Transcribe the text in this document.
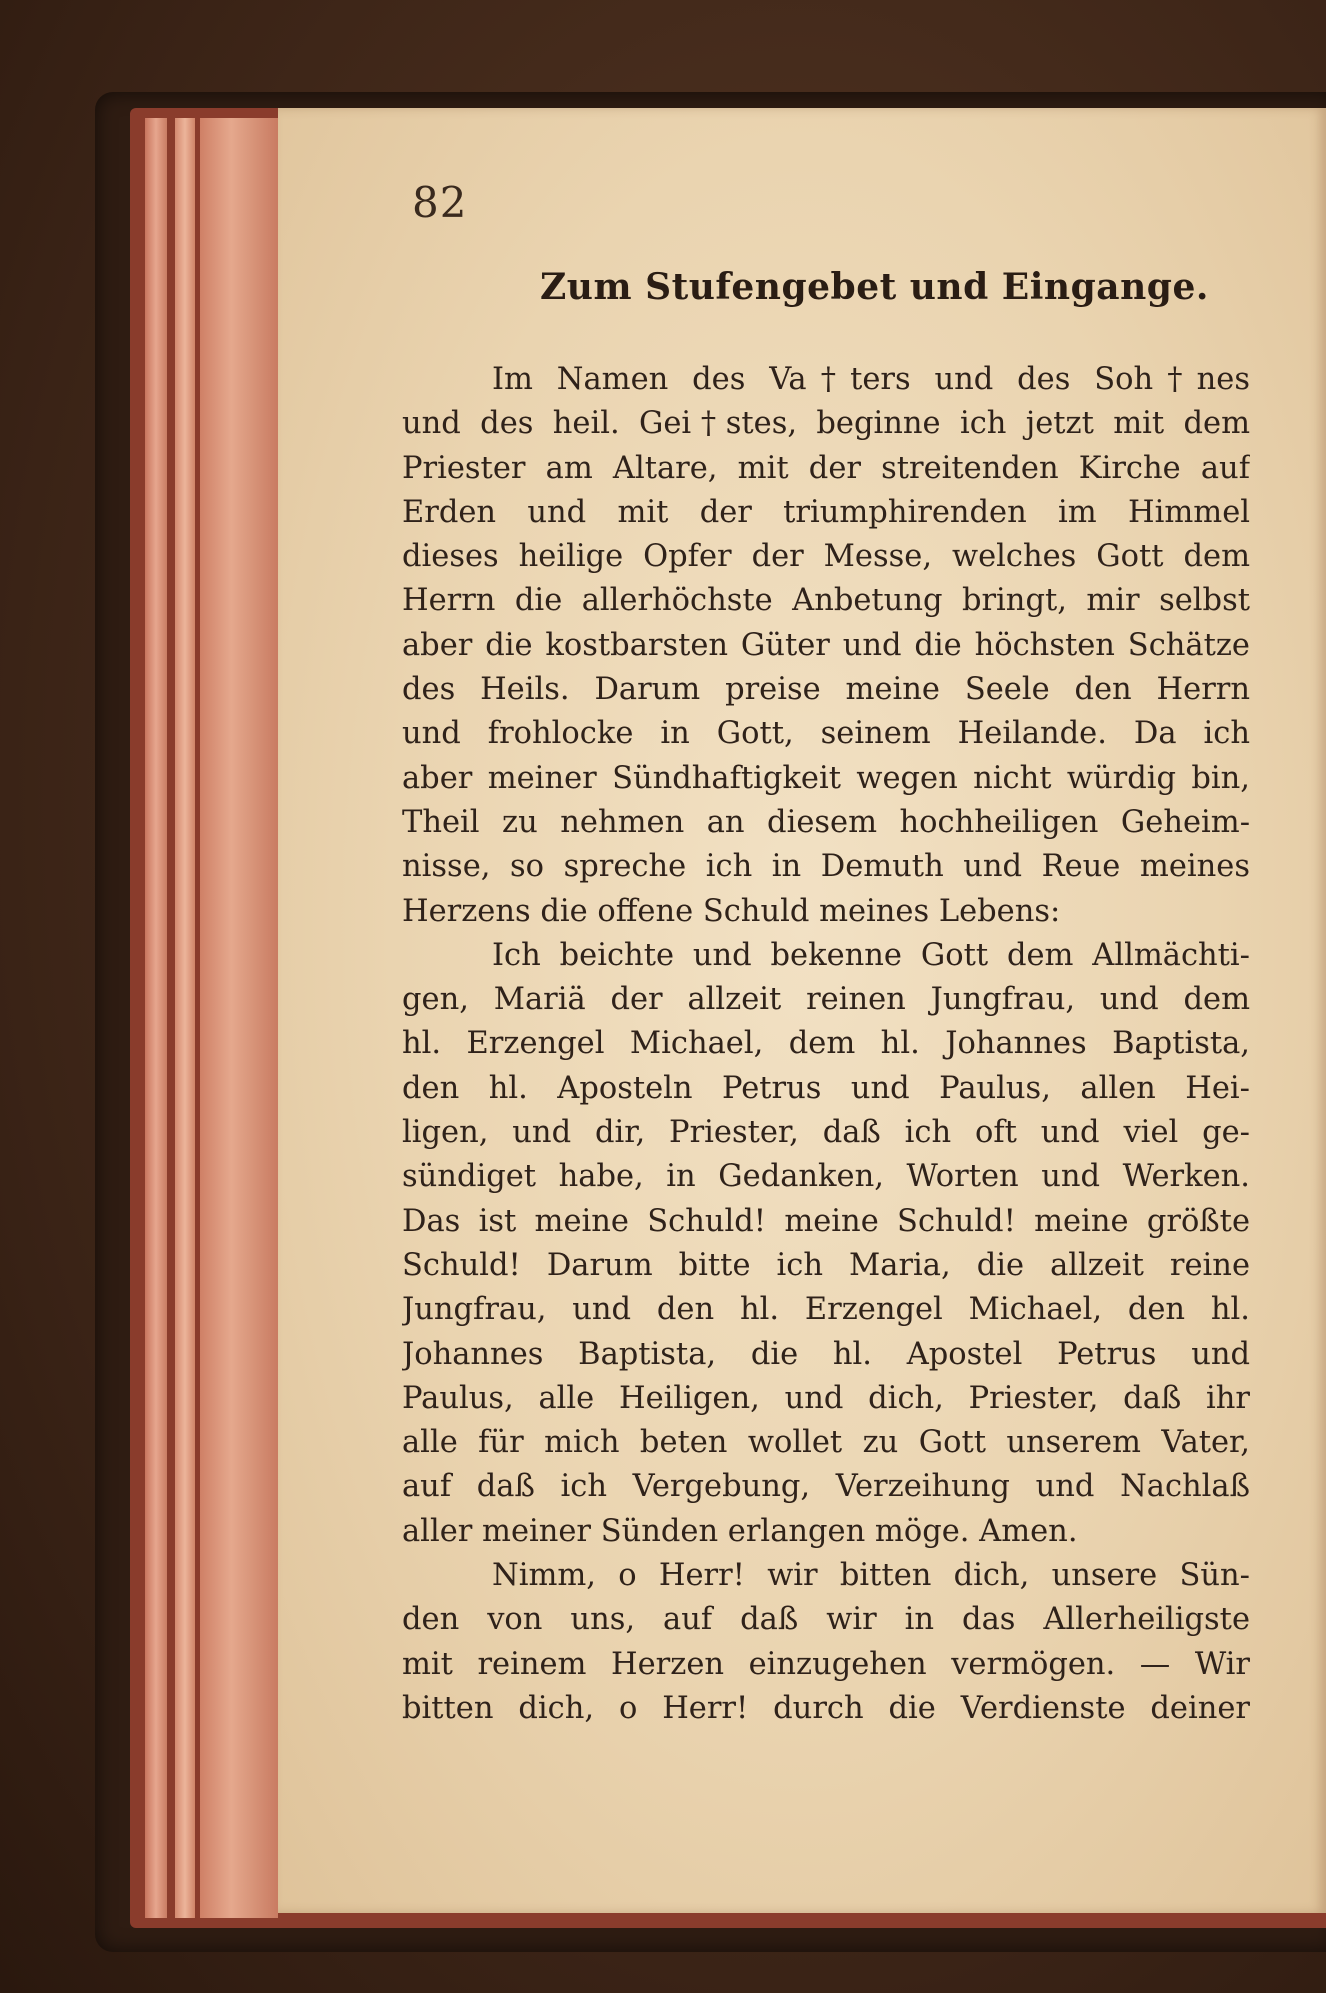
82
Zum Stufengebet und Eingange.
Im Namen des Va†ters und des Soh†nes
und des heil. Gei†stes, beginne ich jetzt mit dem
Priester am Altare, mit der streitenden Kirche auf
Erden und mit der triumphirenden im Himmel
dieses heilige Opfer der Messe, welches Gott dem
Herrn die allerhöchste Anbetung bringt, mir selbst
aber die kostbarsten Güter und die höchsten Schätze
des Heils. Darum preise meine Seele den Herrn
und frohlocke in Gott, seinem Heilande. Da ich
aber meiner Sündhaftigkeit wegen nicht würdig bin,
Theil zu nehmen an diesem hochheiligen Geheim-
nisse, so spreche ich in Demuth und Reue meines
Herzens die offene Schuld meines Lebens:
Ich beichte und bekenne Gott dem Allmächti-
gen, Mariä der allzeit reinen Jungfrau, und dem
hl. Erzengel Michael, dem hl. Johannes Baptista,
den hl. Aposteln Petrus und Paulus, allen Hei-
ligen, und dir, Priester, daß ich oft und viel ge-
sündiget habe, in Gedanken, Worten und Werken.
Das ist meine Schuld! meine Schuld! meine größte
Schuld! Darum bitte ich Maria, die allzeit reine
Jungfrau, und den hl. Erzengel Michael, den hl.
Johannes Baptista, die hl. Apostel Petrus und
Paulus, alle Heiligen, und dich, Priester, daß ihr
alle für mich beten wollet zu Gott unserem Vater,
auf daß ich Vergebung, Verzeihung und Nachlaß
aller meiner Sünden erlangen möge. Amen.
Nimm, o Herr! wir bitten dich, unsere Sün-
den von uns, auf daß wir in das Allerheiligste
mit reinem Herzen einzugehen vermögen. — Wir
bitten dich, o Herr! durch die Verdienste deiner
